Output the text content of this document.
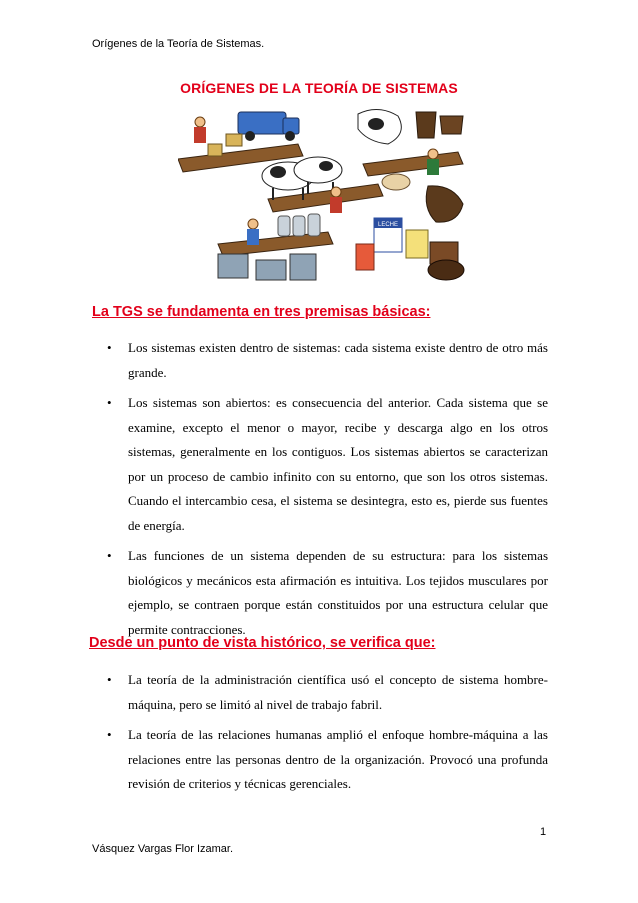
Orígenes de la Teoría de Sistemas.
ORÍGENES DE LA TEORÍA DE SISTEMAS
LECHE
La TGS se fundamenta en tres premisas básicas:
• Los sistemas existen dentro de sistemas: cada sistema existe dentro de otro más grande.
• Los sistemas son abiertos: es consecuencia del anterior. Cada sistema que se examine, excepto el menor o mayor, recibe y descarga algo en los otros sistemas, generalmente en los contiguos. Los sistemas abiertos se caracterizan por un proceso de cambio infinito con su entorno, que son los otros sistemas. Cuando el intercambio cesa, el sistema se desintegra, esto es, pierde sus fuentes de energía.
• Las funciones de un sistema dependen de su estructura: para los sistemas biológicos y mecánicos esta afirmación es intuitiva. Los tejidos musculares por ejemplo, se contraen porque están constituidos por una estructura celular que permite contracciones.
Desde un punto de vista histórico, se verifica que:
• La teoría de la administración científica usó el concepto de sistema hombre-máquina, pero se limitó al nivel de trabajo fabril.
• La teoría de las relaciones humanas amplió el enfoque hombre-máquina a las relaciones entre las personas dentro de la organización. Provocó una profunda revisión de criterios y técnicas gerenciales.
1
Vásquez Vargas Flor Izamar.
